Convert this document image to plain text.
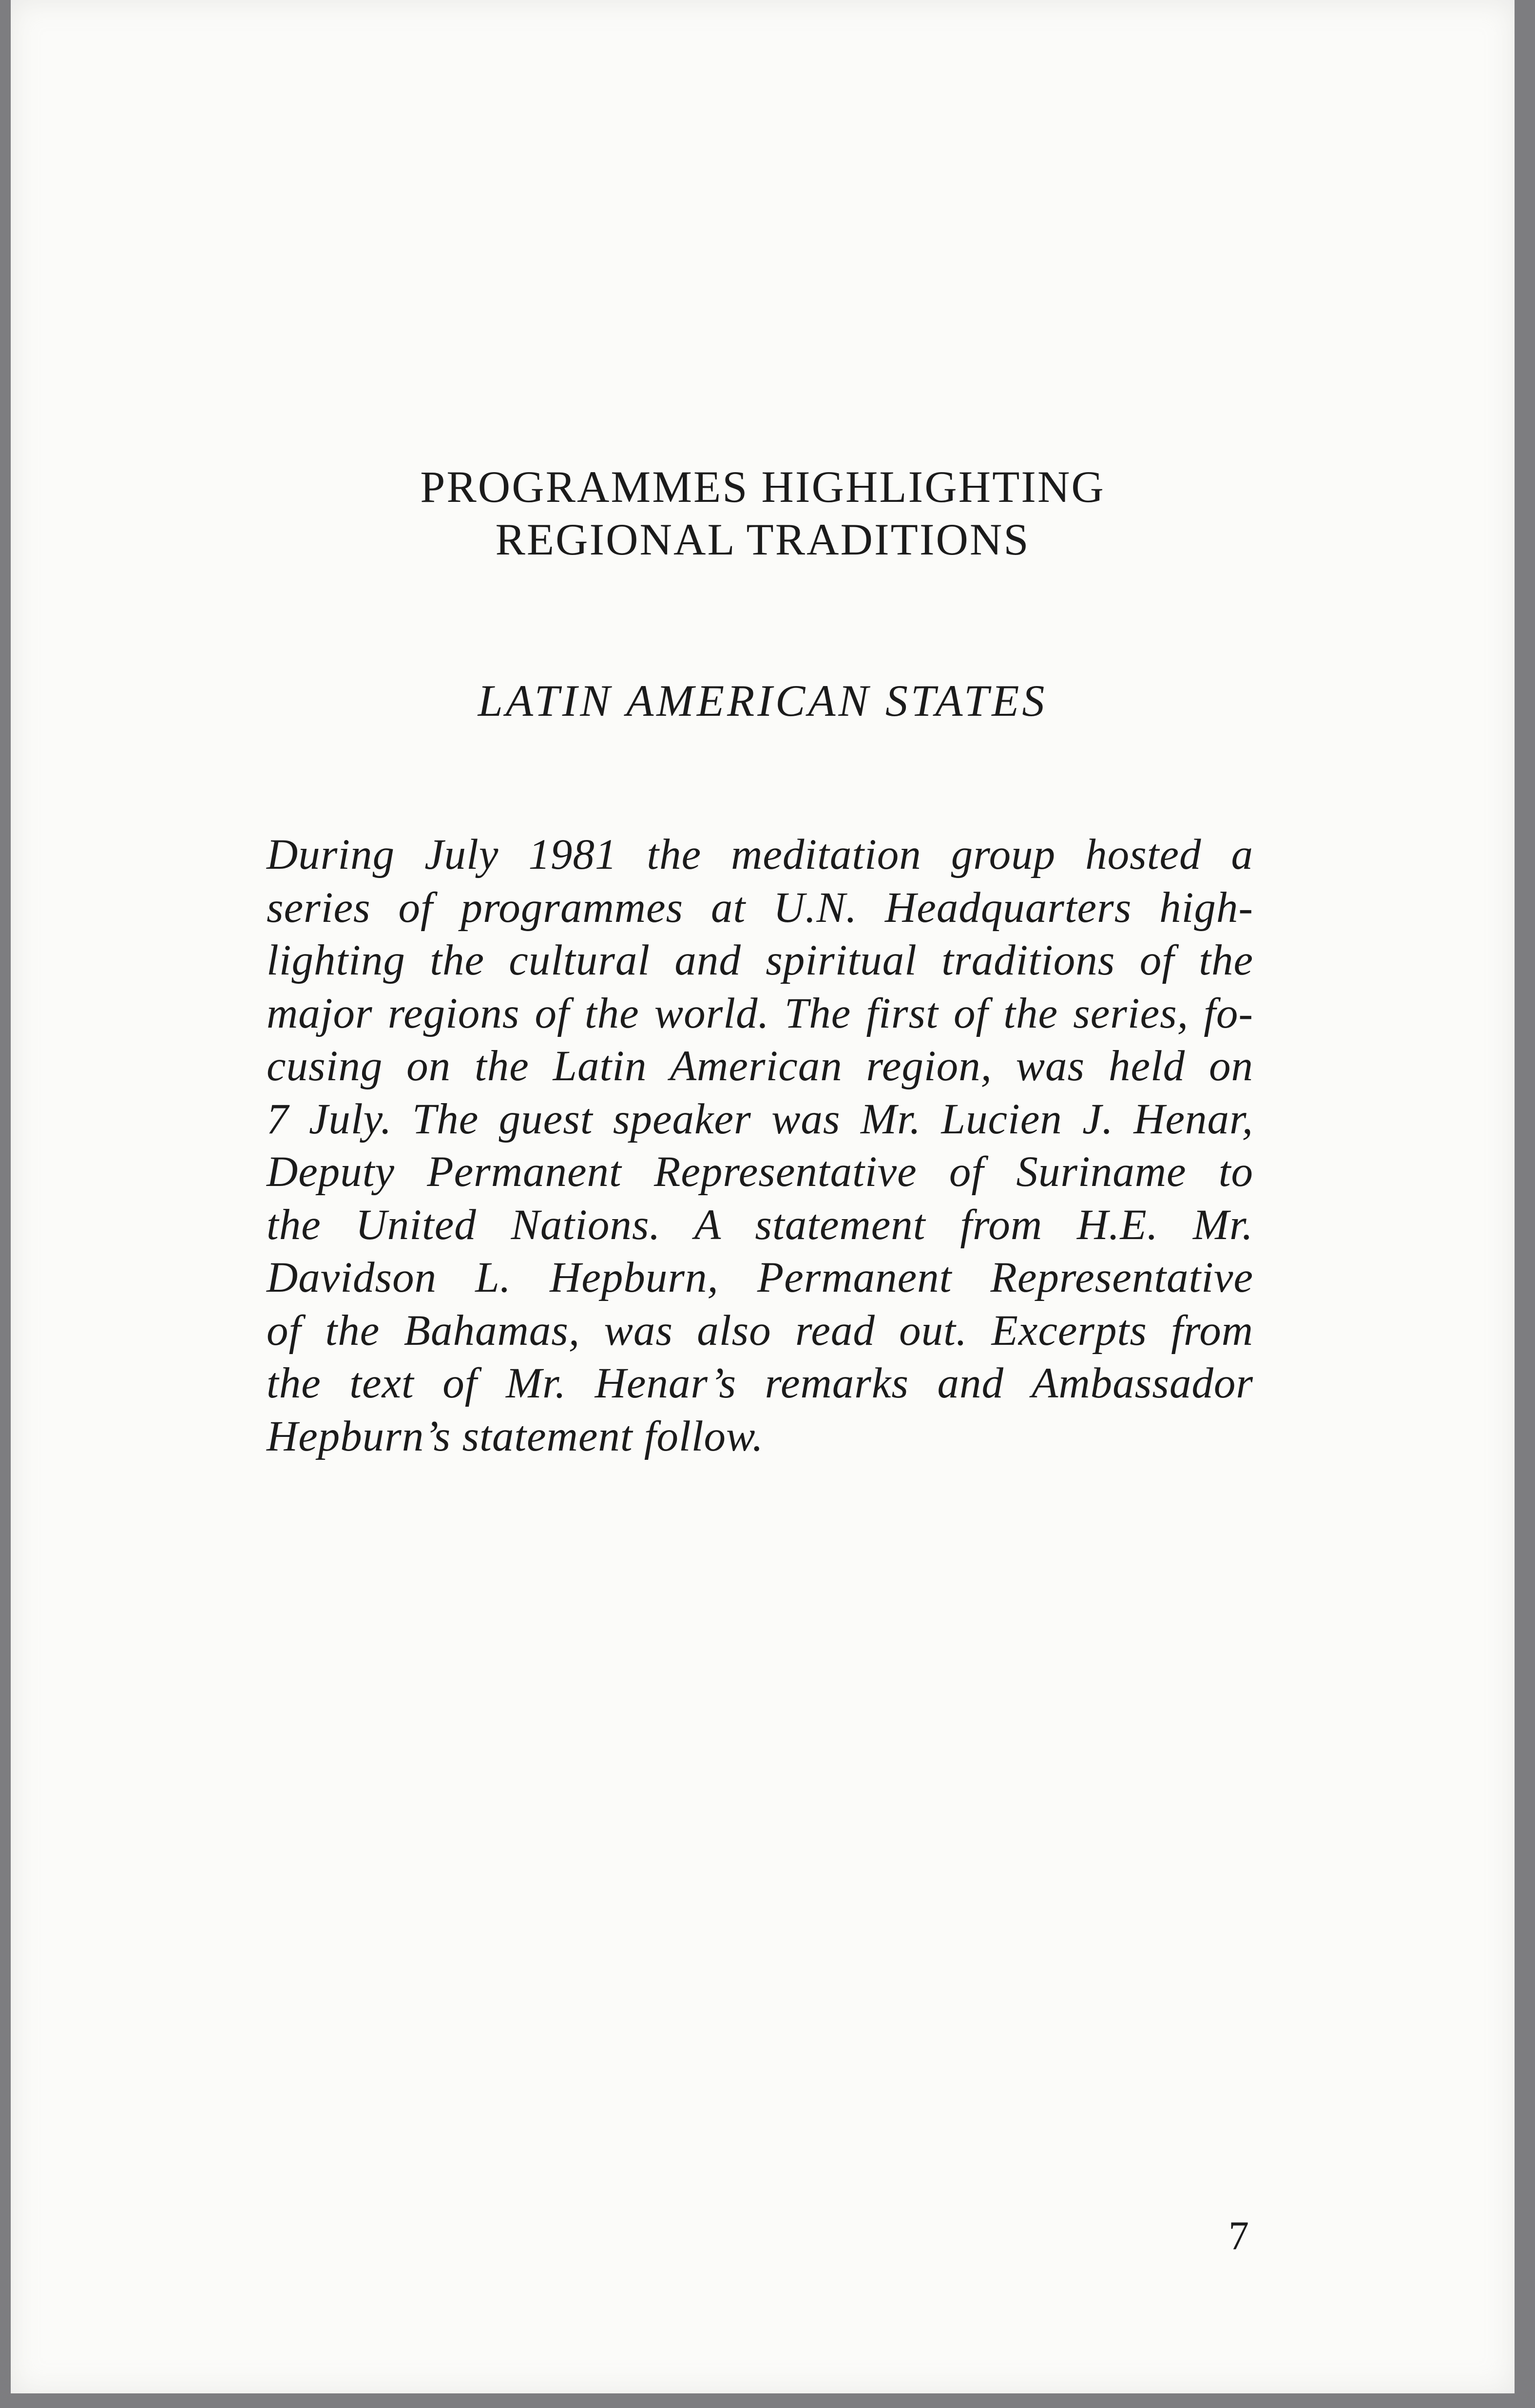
PROGRAMMES HIGHLIGHTING
REGIONAL TRADITIONS
LATIN AMERICAN STATES
During July 1981 the meditation group hosted a
series of programmes at U.N. Headquarters high-
lighting the cultural and spiritual traditions of the
major regions of the world. The first of the series, fo-
cusing on the Latin American region, was held on
7 July. The guest speaker was Mr. Lucien J. Henar,
Deputy Permanent Representative of Suriname to
the United Nations. A statement from H.E. Mr.
Davidson L. Hepburn, Permanent Representative
of the Bahamas, was also read out. Excerpts from
the text of Mr. Henar’s remarks and Ambassador
Hepburn’s statement follow.
7
